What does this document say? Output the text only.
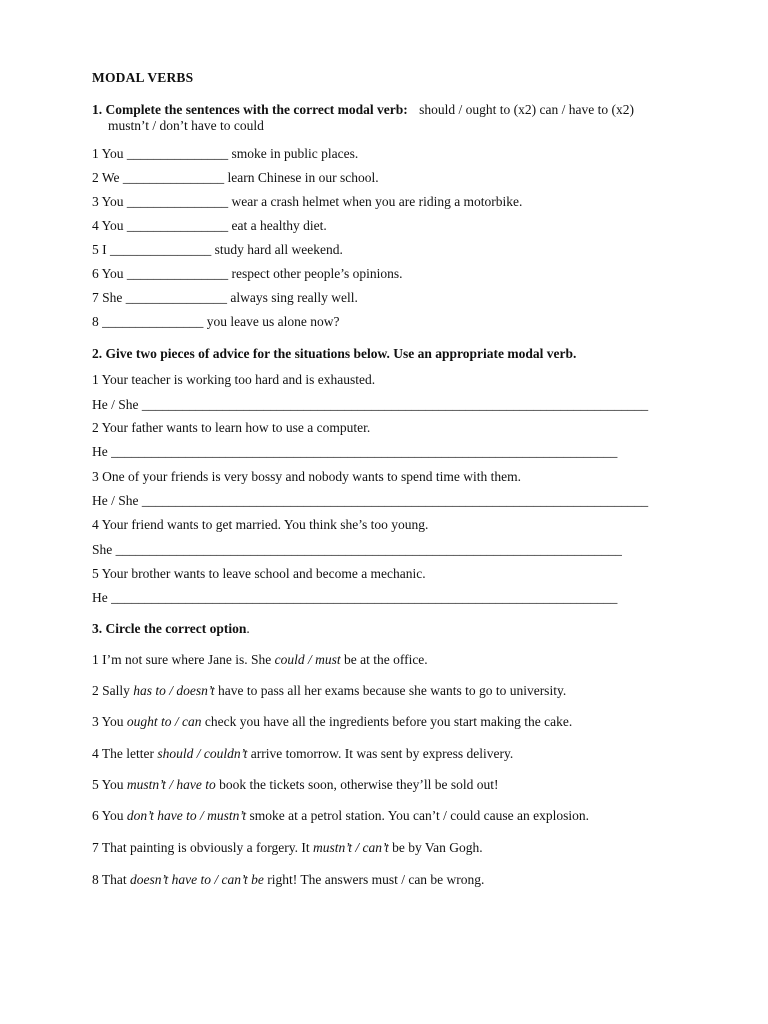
MODAL VERBS
1. Complete the sentences with the correct modal verb: should / ought to (x2) can / have to (x2)
mustn’t / don’t have to could
1 You _______________ smoke in public places.
2 We _______________ learn Chinese in our school.
3 You _______________ wear a crash helmet when you are riding a motorbike.
4 You _______________ eat a healthy diet.
5 I _______________ study hard all weekend.
6 You _______________ respect other people’s opinions.
7 She _______________ always sing really well.
8 _______________ you leave us alone now?
2. Give two pieces of advice for the situations below. Use an appropriate modal verb.
1 Your teacher is working too hard and is exhausted.
He / She ___________________________________________________________________________
2 Your father wants to learn how to use a computer.
He ___________________________________________________________________________
3 One of your friends is very bossy and nobody wants to spend time with them.
He / She ___________________________________________________________________________
4 Your friend wants to get married. You think she’s too young.
She ___________________________________________________________________________
5 Your brother wants to leave school and become a mechanic.
He ___________________________________________________________________________
3. Circle the correct option.
1 I’m not sure where Jane is. She could / must be at the office.
2 Sally has to / doesn’t have to pass all her exams because she wants to go to university.
3 You ought to / can check you have all the ingredients before you start making the cake.
4 The letter should / couldn’t arrive tomorrow. It was sent by express delivery.
5 You mustn’t / have to book the tickets soon, otherwise they’ll be sold out!
6 You don’t have to / mustn’t smoke at a petrol station. You can’t / could cause an explosion.
7 That painting is obviously a forgery. It mustn’t / can’t be by Van Gogh.
8 That doesn’t have to / can’t be right! The answers must / can be wrong.
